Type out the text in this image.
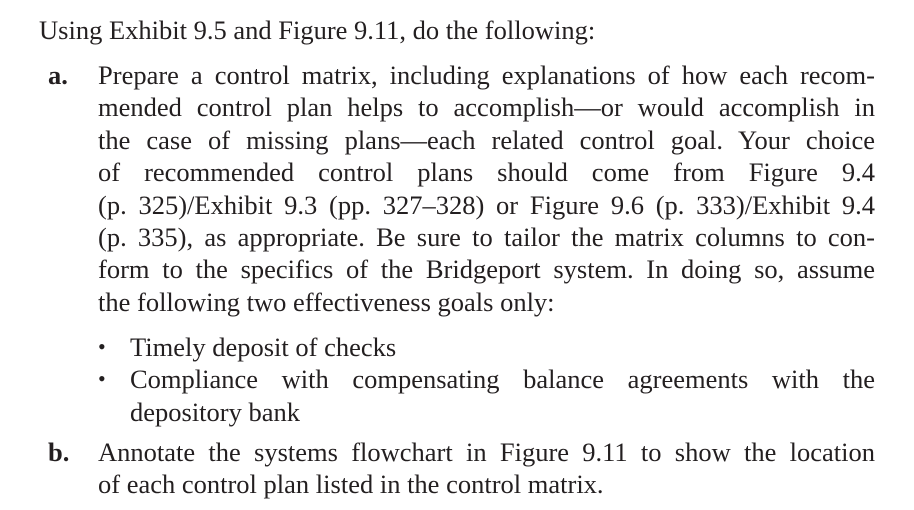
Using Exhibit 9.5 and Figure 9.11, do the following:
a. Prepare a control matrix, including explanations of how each recom-
mended control plan helps to accomplish—or would accomplish in
the case of missing plans—each related control goal. Your choice
of recommended control plans should come from Figure 9.4
(p. 325)/Exhibit 9.3 (pp. 327–328) or Figure 9.6 (p. 333)/Exhibit 9.4
(p. 335), as appropriate. Be sure to tailor the matrix columns to con-
form to the specifics of the Bridgeport system. In doing so, assume
the following two effectiveness goals only:
• Timely deposit of checks
• Compliance with compensating balance agreements with the
depository bank
b. Annotate the systems flowchart in Figure 9.11 to show the location
of each control plan listed in the control matrix.
